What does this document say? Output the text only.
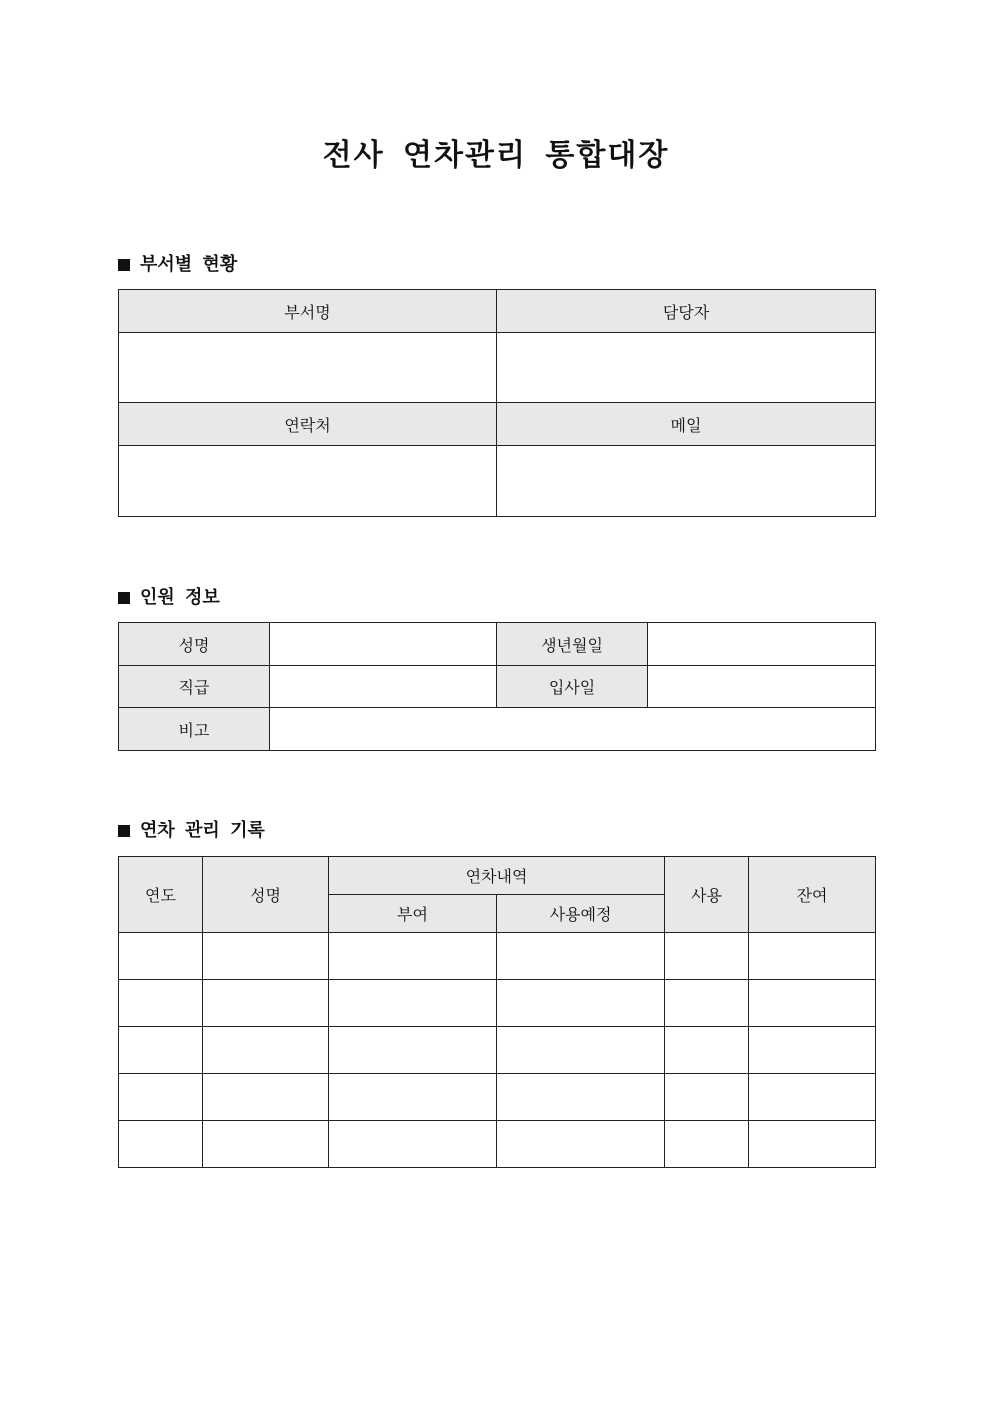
전사 연차관리 통합대장
부서별 현황
부서명	담당자

연락처	메일

인원 정보
성명		생년월일	
직급		입사일	
비고			
연차 관리 기록
연도	성명	연차내역		사용	잔여
		부여	사용예정		
